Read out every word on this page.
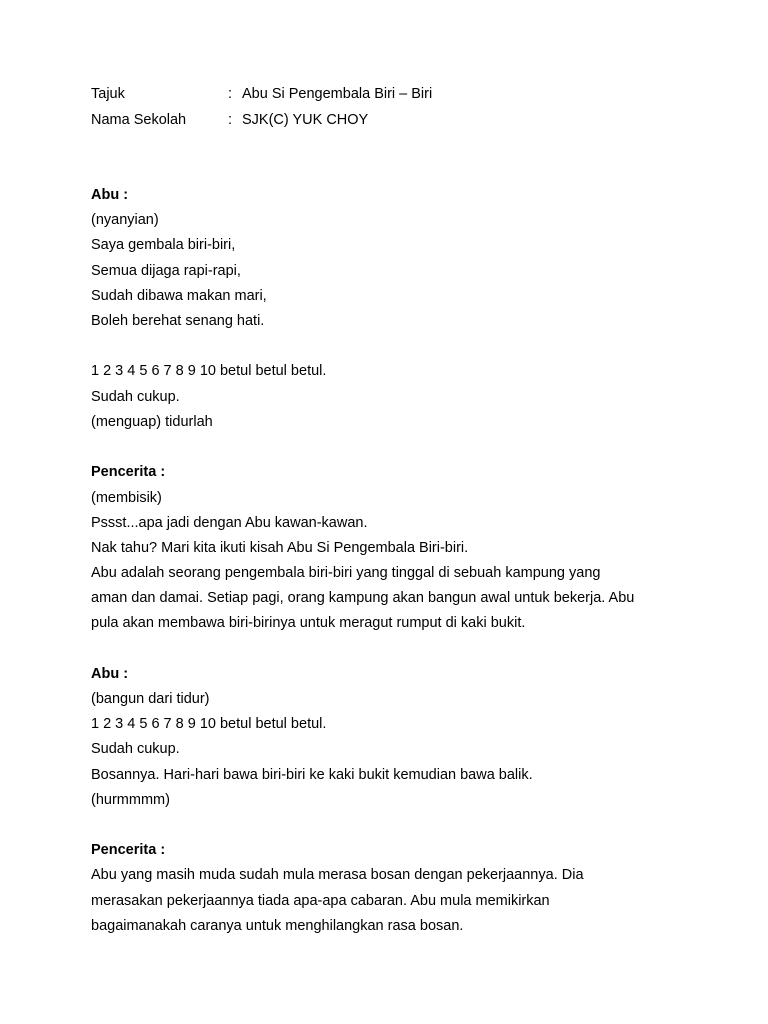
Tajuk	: Abu Si Pengembala Biri – Biri
Nama Sekolah	: SJK(C) YUK CHOY
Abu :
(nyanyian)
Saya gembala biri-biri,
Semua dijaga rapi-rapi,
Sudah dibawa makan mari,
Boleh berehat senang hati.
1 2 3 4 5 6 7 8 9 10 betul betul betul.
Sudah cukup.
(menguap) tidurlah
Pencerita :
(membisik)
Pssst...apa jadi dengan Abu kawan-kawan.
Nak tahu? Mari kita ikuti kisah Abu Si Pengembala Biri-biri.
Abu adalah seorang pengembala biri-biri yang tinggal di sebuah kampung yang
aman dan damai. Setiap pagi, orang kampung akan bangun awal untuk bekerja. Abu
pula akan membawa biri-birinya untuk meragut rumput di kaki bukit.
Abu :
(bangun dari tidur)
1 2 3 4 5 6 7 8 9 10 betul betul betul.
Sudah cukup.
Bosannya. Hari-hari bawa biri-biri ke kaki bukit kemudian bawa balik.
(hurmmmm)
Pencerita :
Abu yang masih muda sudah mula merasa bosan dengan pekerjaannya. Dia
merasakan pekerjaannya tiada apa-apa cabaran. Abu mula memikirkan
bagaimanakah caranya untuk menghilangkan rasa bosan.
